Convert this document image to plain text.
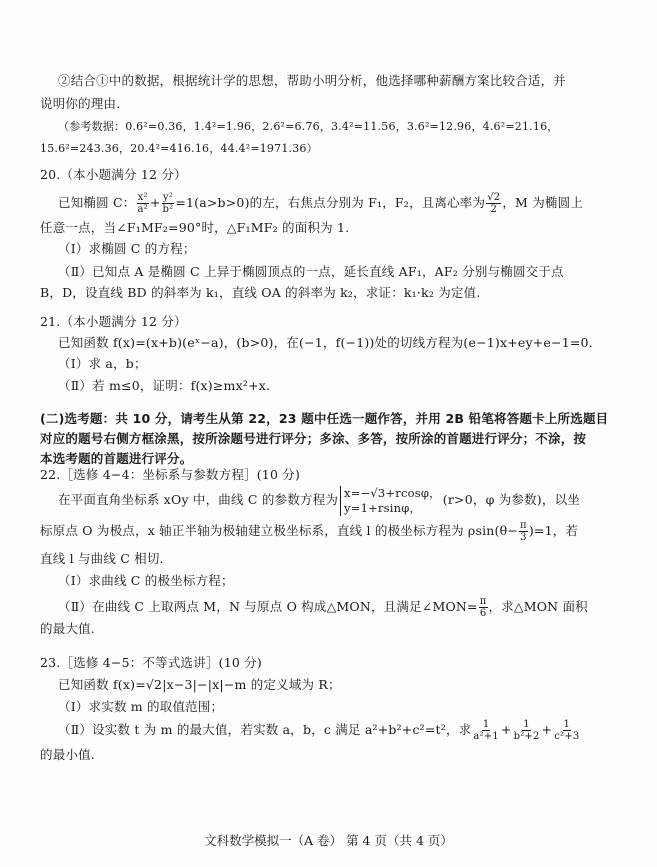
②结合①中的数据，根据统计学的思想，帮助小明分析，他选择哪种薪酬方案比较合适，并
说明你的理由.
（参考数据：0.6²=0.36，1.4²=1.96，2.6²=6.76，3.4²=11.56，3.6²=12.96，4.6²=21.16，
15.6²=243.36，20.4²=416.16，44.4²=1971.36）
20.（本小题满分 12 分）
已知椭圆 C： $\frac{\text{x²}}{\text{a²}} + \frac{\text{y²}}{\text{b²}} =1(a>b>0)$的左，右焦点分别为 F₁，F₂，且离心率为 $\frac{√2}{2}$ ，M 为椭圆上
任意一点，当∠F₁MF₂=90°时，△F₁MF₂ 的面积为 1.
（Ⅰ）求椭圆 C 的方程；
（Ⅱ）已知点 A 是椭圆 C 上异于椭圆顶点的一点，延长直线 AF₁，AF₂ 分别与椭圆交于点
B，D，设直线 BD 的斜率为 k₁，直线 OA 的斜率为 k₂，求证：k₁·k₂ 为定值.
21.（本小题满分 12 分）
已知函数 f(x)=(x+b)(eˣ−a)，(b>0)，在(−1，f(−1))处的切线方程为(e−1)x+ey+e−1=0.
（Ⅰ）求 a，b；
（Ⅱ）若 m≤0，证明：f(x)≥mx²+x.
(二)选考题：共 10 分，请考生从第 22，23 题中任选一题作答，并用 2B 铅笔将答题卡上所选题目
对应的题号右侧方框涂黑，按所涂题号进行评分；多涂、多答，按所涂的首题进行评分；不涂，按
本选考题的首题进行评分。
22.［选修 4−4：坐标系与参数方程］(10 分)
在平面直角坐标系 xOy 中，曲线 C 的参数方程为 x=−√3+rcosφ，
y=1+rsinφ，
(r>0，φ 为参数)，以坐
标原点 O 为极点，x 轴正半轴为极轴建立极坐标系，直线 l 的极坐标方程为 $\rho\sin(\theta- \frac{\pi}{3} )=1$，若
直线 l 与曲线 C 相切.
（Ⅰ）求曲线 C 的极坐标方程；
（Ⅱ）在曲线 C 上取两点 M，N 与原点 O 构成△MON，且满足∠MON= $\frac{\pi}{6}$ ，求△MON 面积
的最大值.
23.［选修 4−5：不等式选讲］(10 分)
已知函数 f(x)=√2|x−3|−|x|−m 的定义域为 R；
（Ⅰ）求实数 m 的取值范围；
（Ⅱ）设实数 t 为 m 的最大值，若实数 a，b，c 满足 a²+b²+c²=t²，求 $\frac{1}{\text{a²+1}} + \frac{1}{\text{b²+2}} + \frac{1}{\text{c²+3}}$
的最小值.
文科数学模拟一（A 卷） 第 4 页（共 4 页）
